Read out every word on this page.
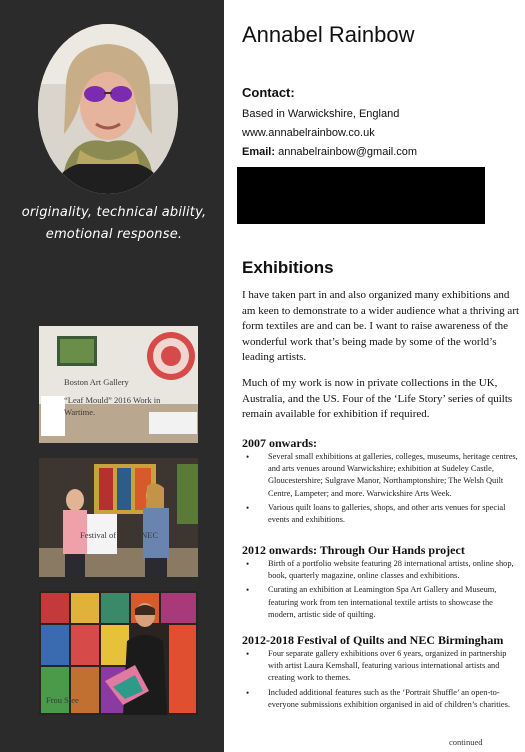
originality, technical ability,
emotional response.
Boston Art Gallery
“Leaf Mould” 2016 Work in
Wartime.
Festival of Quilts NEC
Frou Stee
Annabel Rainbow
Contact:
Based in Warwickshire, England
www.annabelrainbow.co.uk
Email: annabelrainbow@gmail.com
Exhibitions

I have taken part in and also organized many exhibitions and am keen to demonstrate to a wider audience what a thriving art form textiles are and can be. I want to raise awareness of the wonderful work that’s being made by some of the world’s leading artists.

Much of my work is now in private collections in the UK, Australia, and the US. Four of the ‘Life Story’ series of quilts remain available for exhibition if required.

2007 onwards:
• Several small exhibitions at galleries, colleges, museums, heritage centres, and arts venues around Warwickshire; exhibition at Sudeley Castle, Gloucestershire; Sulgrave Manor, Northamptonshire; The Welsh Quilt Centre, Lampeter; and more. Warwickshire Arts Week.
• Various quilt loans to galleries, shops, and other arts venues for special events and exhibitions.
2012 onwards: Through Our Hands project
• Birth of a portfolio website featuring 28 international artists, online shop, book, quarterly magazine, online classes and exhibitions.
• Curating an exhibition at Leamington Spa Art Gallery and Museum, featuring work from ten international textile artists to showcase the modern, artistic side of quilting.
2012-2018 Festival of Quilts and NEC Birmingham
• Four separate gallery exhibitions over 6 years, organized in partnership with artist Laura Kemshall, featuring various international artists and creating work to themes.
• Included additional features such as the ‘Portrait Shuffle’ an open-to-everyone submissions exhibition organised in aid of children’s charities.
continued
